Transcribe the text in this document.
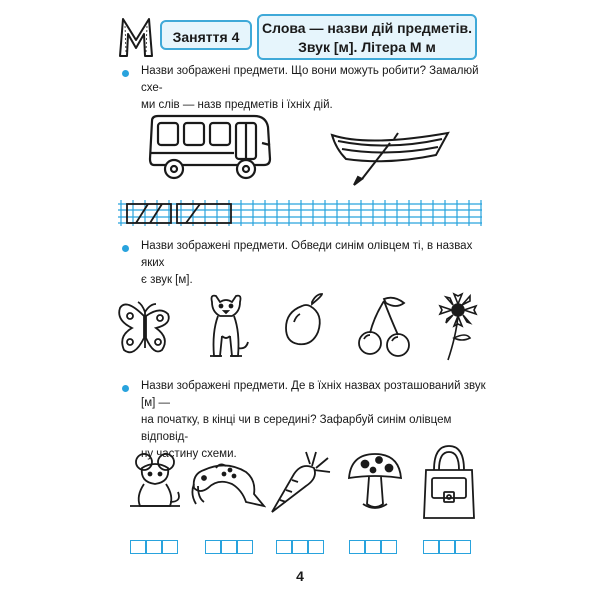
Заняття 4
Слова — назви дій предметів.
Звук [м]. Літера М м
Назви зображені предмети. Що вони можуть робити? Замалюй схе-
ми слів — назв предметів і їхніх дій.
Назви зображені предмети. Обведи синім олівцем ті, в назвах яких
є звук [м].
Назви зображені предмети. Де в їхніх назвах розташований звук [м] —
на початку, в кінці чи в середині? Зафарбуй синім олівцем відповід-
ну частину схеми.
4
